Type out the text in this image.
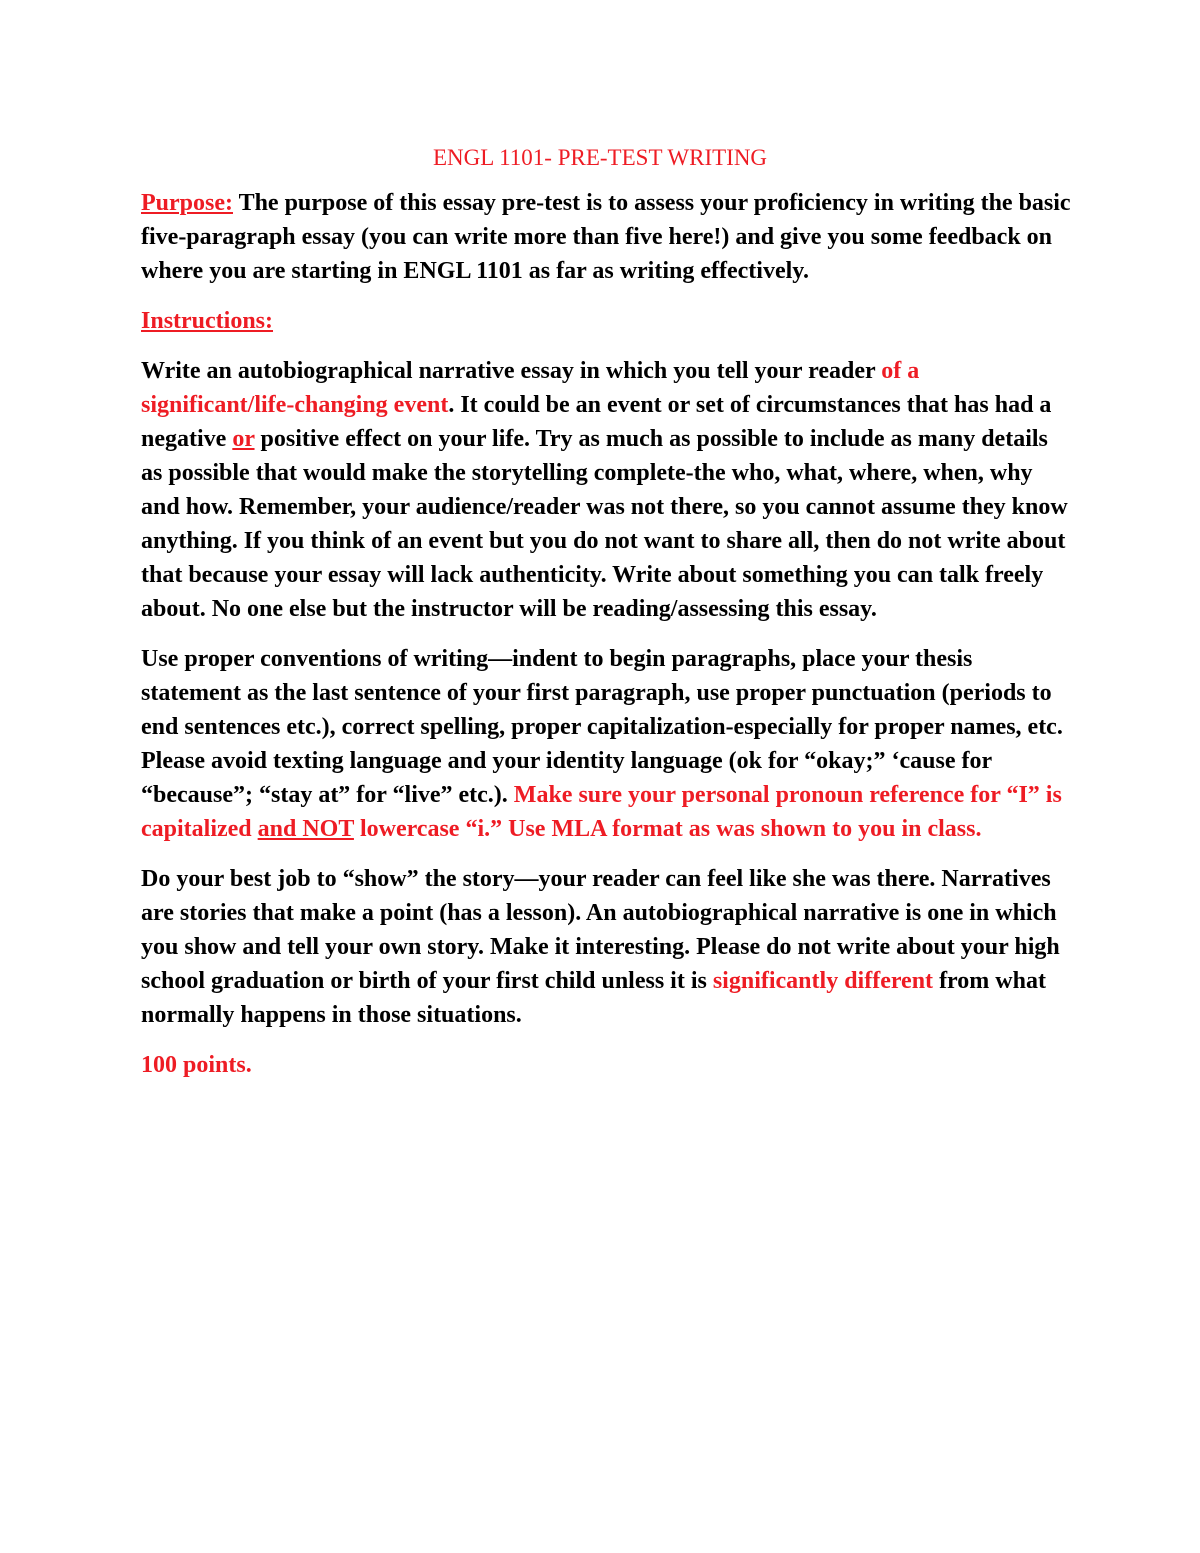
ENGL 1101- PRE-TEST WRITING

Purpose: The purpose of this essay pre-test is to assess your proficiency in writing the basic five-paragraph essay (you can write more than five here!) and give you some feedback on where you are starting in ENGL 1101 as far as writing effectively.

Instructions:

Write an autobiographical narrative essay in which you tell your reader of a significant/life-changing event. It could be an event or set of circumstances that has had a negative or positive effect on your life. Try as much as possible to include as many details as possible that would make the storytelling complete-the who, what, where, when, why and how. Remember, your audience/reader was not there, so you cannot assume they know anything. If you think of an event but you do not want to share all, then do not write about that because your essay will lack authenticity. Write about something you can talk freely about. No one else but the instructor will be reading/assessing this essay.

Use proper conventions of writing—indent to begin paragraphs, place your thesis statement as the last sentence of your first paragraph, use proper punctuation (periods to end sentences etc.), correct spelling, proper capitalization-especially for proper names, etc. Please avoid texting language and your identity language (ok for “okay;” ‘cause for “because”; “stay at” for “live” etc.). Make sure your personal pronoun reference for “I” is capitalized and NOT lowercase “i.” Use MLA format as was shown to you in class.

Do your best job to “show” the story—your reader can feel like she was there. Narratives are stories that make a point (has a lesson). An autobiographical narrative is one in which you show and tell your own story. Make it interesting. Please do not write about your high school graduation or birth of your first child unless it is significantly different from what normally happens in those situations.

100 points.
